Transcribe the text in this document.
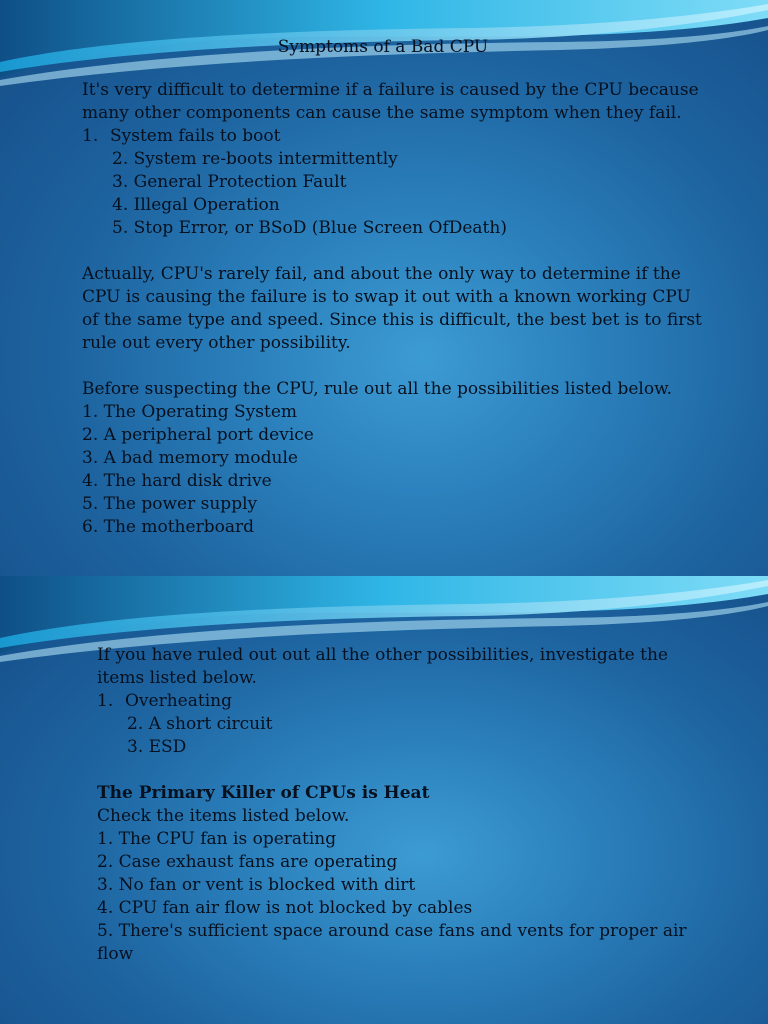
Symptoms of a Bad CPU

It's very difficult to determine if a failure is caused by the CPU because many other components can cause the same symptom when they fail.

1. System fails to boot
2. System re-boots intermittently
3. General Protection Fault
4. Illegal Operation
5. Stop Error, or BSoD (Blue Screen OfDeath)

Actually, CPU's rarely fail, and about the only way to determine if the CPU is causing the failure is to swap it out with a known working CPU of the same type and speed. Since this is difficult, the best bet is to first rule out every other possibility.

Before suspecting the CPU, rule out all the possibilities listed below.

1. The Operating System
2. A peripheral port device
3. A bad memory module
4. The hard disk drive
5. The power supply
6. The motherboard

If you have ruled out out all the other possibilities, investigate the items listed below.

1. Overheating
2. A short circuit
3. ESD
The Primary Killer of CPUs is Heat
Check the items listed below.
1. The CPU fan is operating
2. Case exhaust fans are operating
3. No fan or vent is blocked with dirt
4. CPU fan air flow is not blocked by cables
5. There's sufficient space around case fans and vents for proper air flow
